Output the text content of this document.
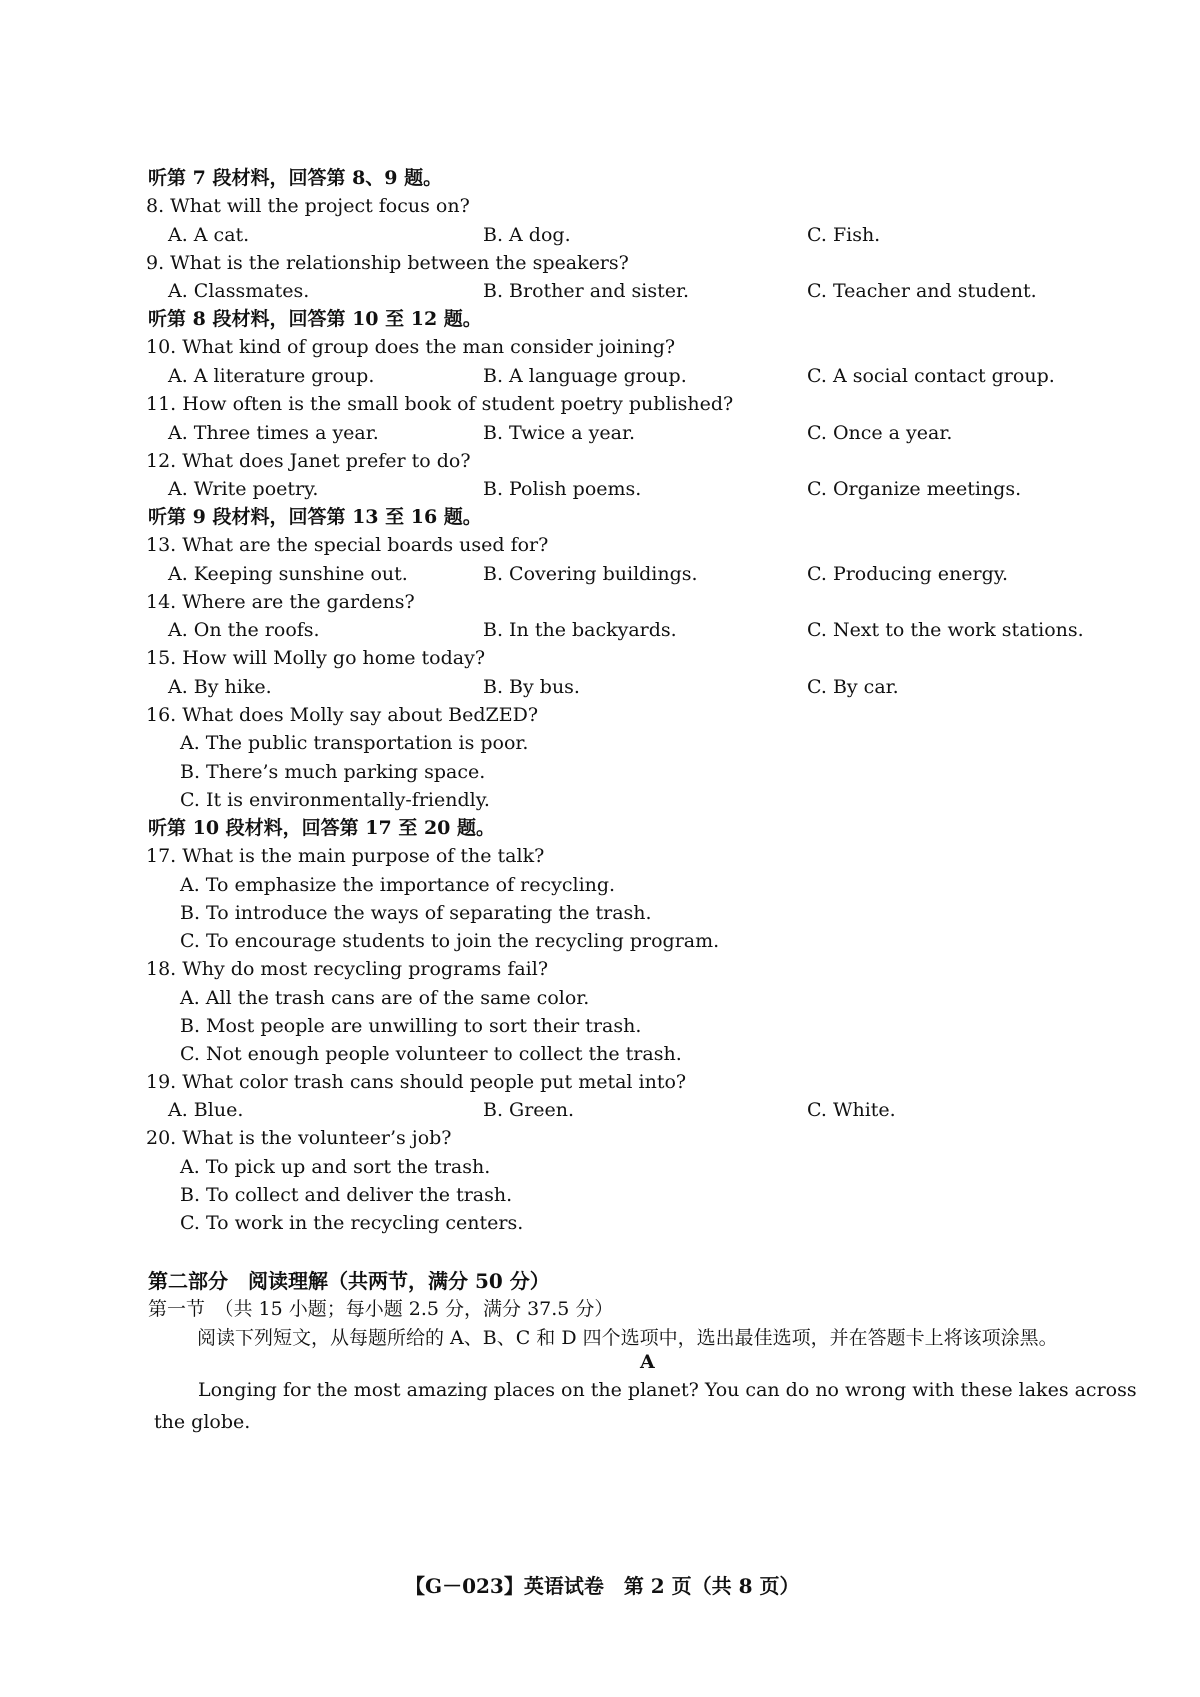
听第 7 段材料，回答第 8、9 题。
8. What will the project focus on?
A. A cat.	B. A dog.	C. Fish.
9. What is the relationship between the speakers?
A. Classmates.	B. Brother and sister.	C. Teacher and student.
听第 8 段材料，回答第 10 至 12 题。
10. What kind of group does the man consider joining?
A. A literature group.	B. A language group.	C. A social contact group.
11. How often is the small book of student poetry published?
A. Three times a year.	B. Twice a year.	C. Once a year.
12. What does Janet prefer to do?
A. Write poetry.	B. Polish poems.	C. Organize meetings.
听第 9 段材料，回答第 13 至 16 题。
13. What are the special boards used for?
A. Keeping sunshine out.	B. Covering buildings.	C. Producing energy.
14. Where are the gardens?
A. On the roofs.	B. In the backyards.	C. Next to the work stations.
15. How will Molly go home today?
A. By hike.	B. By bus.	C. By car.
16. What does Molly say about BedZED?
A. The public transportation is poor.
B. There’s much parking space.
C. It is environmentally-friendly.
听第 10 段材料，回答第 17 至 20 题。
17. What is the main purpose of the talk?
A. To emphasize the importance of recycling.
B. To introduce the ways of separating the trash.
C. To encourage students to join the recycling program.
18. Why do most recycling programs fail?
A. All the trash cans are of the same color.
B. Most people are unwilling to sort their trash.
C. Not enough people volunteer to collect the trash.
19. What color trash cans should people put metal into?
A. Blue.	B. Green.	C. White.
20. What is the volunteer’s job?
A. To pick up and sort the trash.
B. To collect and deliver the trash.
C. To work in the recycling centers.
第二部分　阅读理解（共两节，满分 50 分）
第一节　（共 15 小题；每小题 2.5 分，满分 37.5 分）
阅读下列短文，从每题所给的 A、B、C 和 D 四个选项中，选出最佳选项，并在答题卡上将该项涂黑。
A
Longing for the most amazing places on the planet? You can do no wrong with these lakes across the globe.
【G－023】英语试卷　第 2 页（共 8 页）
